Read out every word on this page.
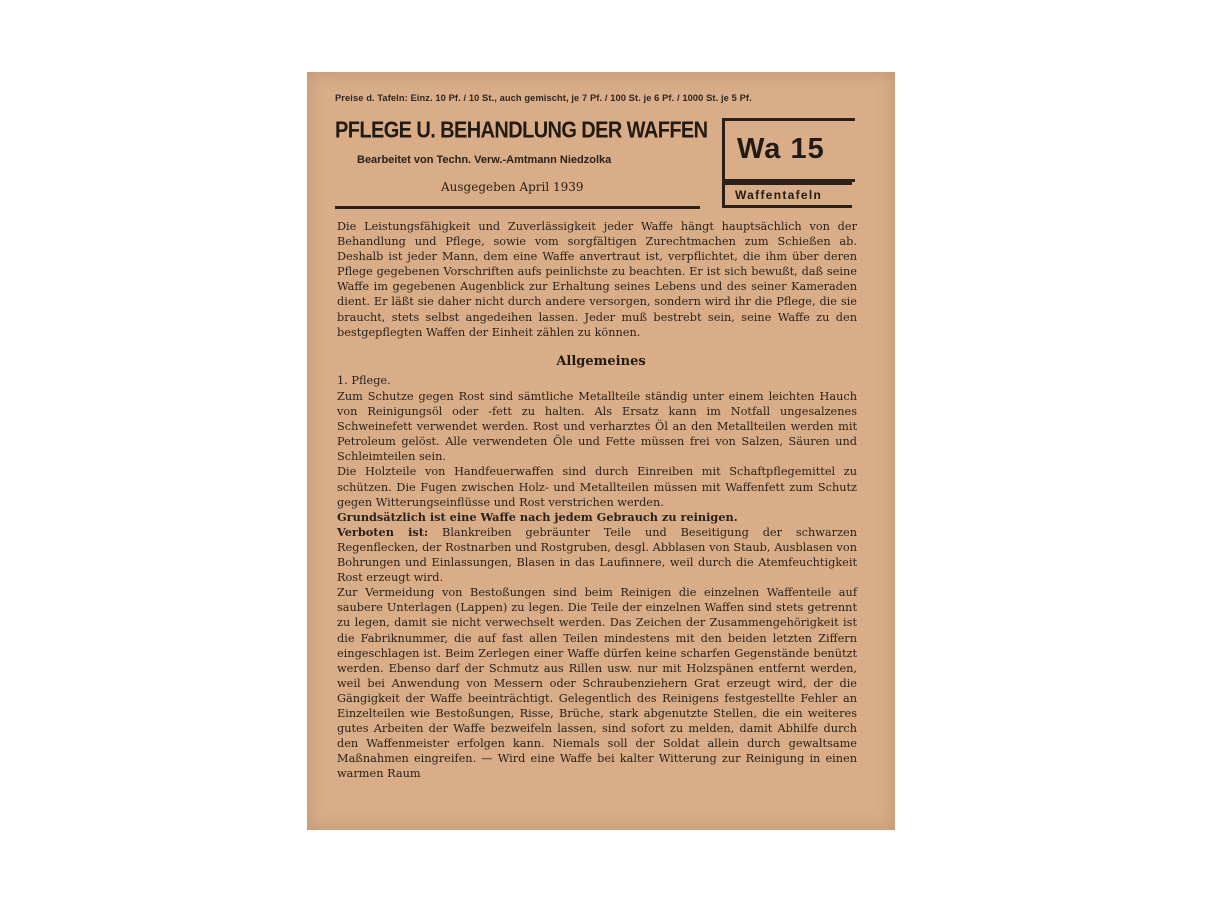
Preise d. Tafeln: Einz. 10 Pf. / 10 St., auch gemischt, je 7 Pf. / 100 St. je 6 Pf. / 1000 St. je 5 Pf.
PFLEGE U. BEHANDLUNG DER WAFFEN
Bearbeitet von Techn. Verw.-Amtmann Niedzolka
Ausgegeben April 1939
Wa 15
Waffentafeln
Die Leistungsfähigkeit und Zuverlässigkeit jeder Waffe hängt hauptsächlich von der Behandlung und Pflege, sowie vom sorgfältigen Zurechtmachen zum Schießen ab. Deshalb ist jeder Mann, dem eine Waffe anvertraut ist, verpflichtet, die ihm über deren Pflege gegebenen Vorschriften aufs peinlichste zu beachten. Er ist sich bewußt, daß seine Waffe im gegebenen Augenblick zur Erhaltung seines Lebens und des seiner Kameraden dient. Er läßt sie daher nicht durch andere versorgen, sondern wird ihr die Pflege, die sie braucht, stets selbst angedeihen lassen. Jeder muß bestrebt sein, seine Waffe zu den bestgepflegten Waffen der Einheit zählen zu können.
Allgemeines
1. Pflege.

Zum Schutze gegen Rost sind sämtliche Metallteile ständig unter einem leichten Hauch von Reinigungsöl oder -fett zu halten. Als Ersatz kann im Notfall ungesalzenes Schweinefett verwendet werden. Rost und verharztes Öl an den Metallteilen werden mit Petroleum gelöst. Alle verwendeten Öle und Fette müssen frei von Salzen, Säuren und Schleimteilen sein.

Die Holzteile von Handfeuerwaffen sind durch Einreiben mit Schaftpflegemittel zu schützen. Die Fugen zwischen Holz- und Metallteilen müssen mit Waffenfett zum Schutz gegen Witterungseinflüsse und Rost verstrichen werden.

Grundsätzlich ist eine Waffe nach jedem Gebrauch zu reinigen.

Verboten ist: Blankreiben gebräunter Teile und Beseitigung der schwarzen Regenflecken, der Rostnarben und Rostgruben, desgl. Abblasen von Staub, Ausblasen von Bohrungen und Einlassungen, Blasen in das Laufinnere, weil durch die Atemfeuchtigkeit Rost erzeugt wird.

Zur Vermeidung von Bestoßungen sind beim Reinigen die einzelnen Waffenteile auf saubere Unterlagen (Lappen) zu legen. Die Teile der einzelnen Waffen sind stets getrennt zu legen, damit sie nicht verwechselt werden. Das Zeichen der Zusammengehörigkeit ist die Fabriknummer, die auf fast allen Teilen mindestens mit den beiden letzten Ziffern eingeschlagen ist. Beim Zerlegen einer Waffe dürfen keine scharfen Gegenstände benützt werden. Ebenso darf der Schmutz aus Rillen usw. nur mit Holzspänen entfernt werden, weil bei Anwendung von Messern oder Schraubenziehern Grat erzeugt wird, der die Gängigkeit der Waffe beeinträchtigt. Gelegentlich des Reinigens festgestellte Fehler an Einzelteilen wie Bestoßungen, Risse, Brüche, stark abgenutzte Stellen, die ein weiteres gutes Arbeiten der Waffe bezweifeln lassen, sind sofort zu melden, damit Abhilfe durch den Waffenmeister erfolgen kann. Niemals soll der Soldat allein durch gewaltsame Maßnahmen eingreifen. — Wird eine Waffe bei kalter Witterung zur Reinigung in einen warmen Raum
